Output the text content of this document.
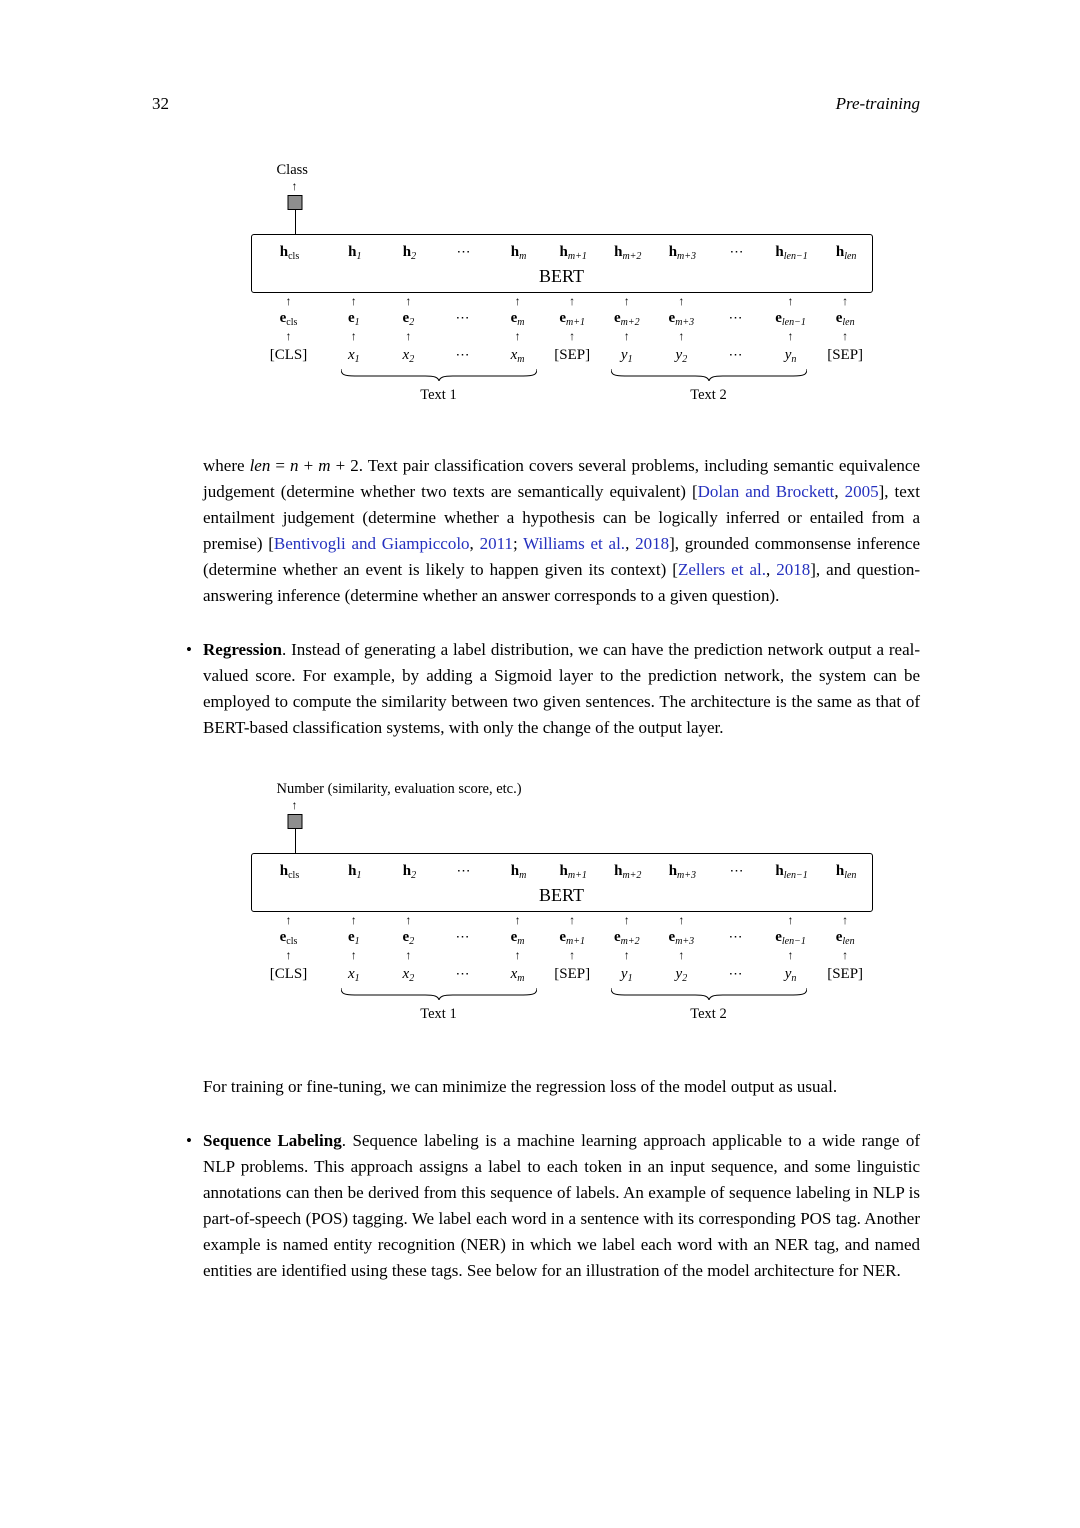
32	Pre-training
Class
↑
$h_{cls}$	$h_1$	$h_2$	⋯	$h_m$	$h_{m+1}$	$h_{m+2}$	$h_{m+3}$	⋯	$h_{len-1}$	$h_{len}$
BERT
↑	↑	↑	↑	↑	↑	↑	↑	↑
$e_{cls}$	$e_1$	$e_2$	⋯	$e_m$	$e_{m+1}$	$e_{m+2}$	$e_{m+3}$	⋯	$e_{len-1}$	$e_{len}$
↑	↑	↑	↑	↑	↑	↑	↑	↑
[CLS]	$x_1$	$x_2$	⋯	$x_m$	[SEP]	$y_1$	$y_2$	⋯	$y_n$	[SEP]
Text 1	Text 2

where len = n + m + 2. Text pair classification covers several problems, including semantic equivalence judgement (determine whether two texts are semantically equivalent) [Dolan and Brockett, 2005], text entailment judgement (determine whether a hypothesis can be logically inferred or entailed from a premise) [Bentivogli and Giampiccolo, 2011; Williams et al., 2018], grounded commonsense inference (determine whether an event is likely to happen given its context) [Zellers et al., 2018], and question-answering inference (determine whether an answer corresponds to a given question).

• Regression. Instead of generating a label distribution, we can have the prediction network output a real-valued score. For example, by adding a Sigmoid layer to the prediction network, the system can be employed to compute the similarity between two given sentences. The architecture is the same as that of BERT-based classification systems, with only the change of the output layer.
Number (similarity, evaluation score, etc.)
↑
$h_{cls}$	$h_1$	$h_2$	⋯	$h_m$	$h_{m+1}$	$h_{m+2}$	$h_{m+3}$	⋯	$h_{len-1}$	$h_{len}$
BERT
↑	↑	↑	↑	↑	↑	↑	↑	↑
$e_{cls}$	$e_1$	$e_2$	⋯	$e_m$	$e_{m+1}$	$e_{m+2}$	$e_{m+3}$	⋯	$e_{len-1}$	$e_{len}$
↑	↑	↑	↑	↑	↑	↑	↑	↑
[CLS]	$x_1$	$x_2$	⋯	$x_m$	[SEP]	$y_1$	$y_2$	⋯	$y_n$	[SEP]
Text 1	Text 2

For training or fine-tuning, we can minimize the regression loss of the model output as usual.

• Sequence Labeling. Sequence labeling is a machine learning approach applicable to a wide range of NLP problems. This approach assigns a label to each token in an input sequence, and some linguistic annotations can then be derived from this sequence of labels. An example of sequence labeling in NLP is part-of-speech (POS) tagging. We label each word in a sentence with its corresponding POS tag. Another example is named entity recognition (NER) in which we label each word with an NER tag, and named entities are identified using these tags. See below for an illustration of the model architecture for NER.
